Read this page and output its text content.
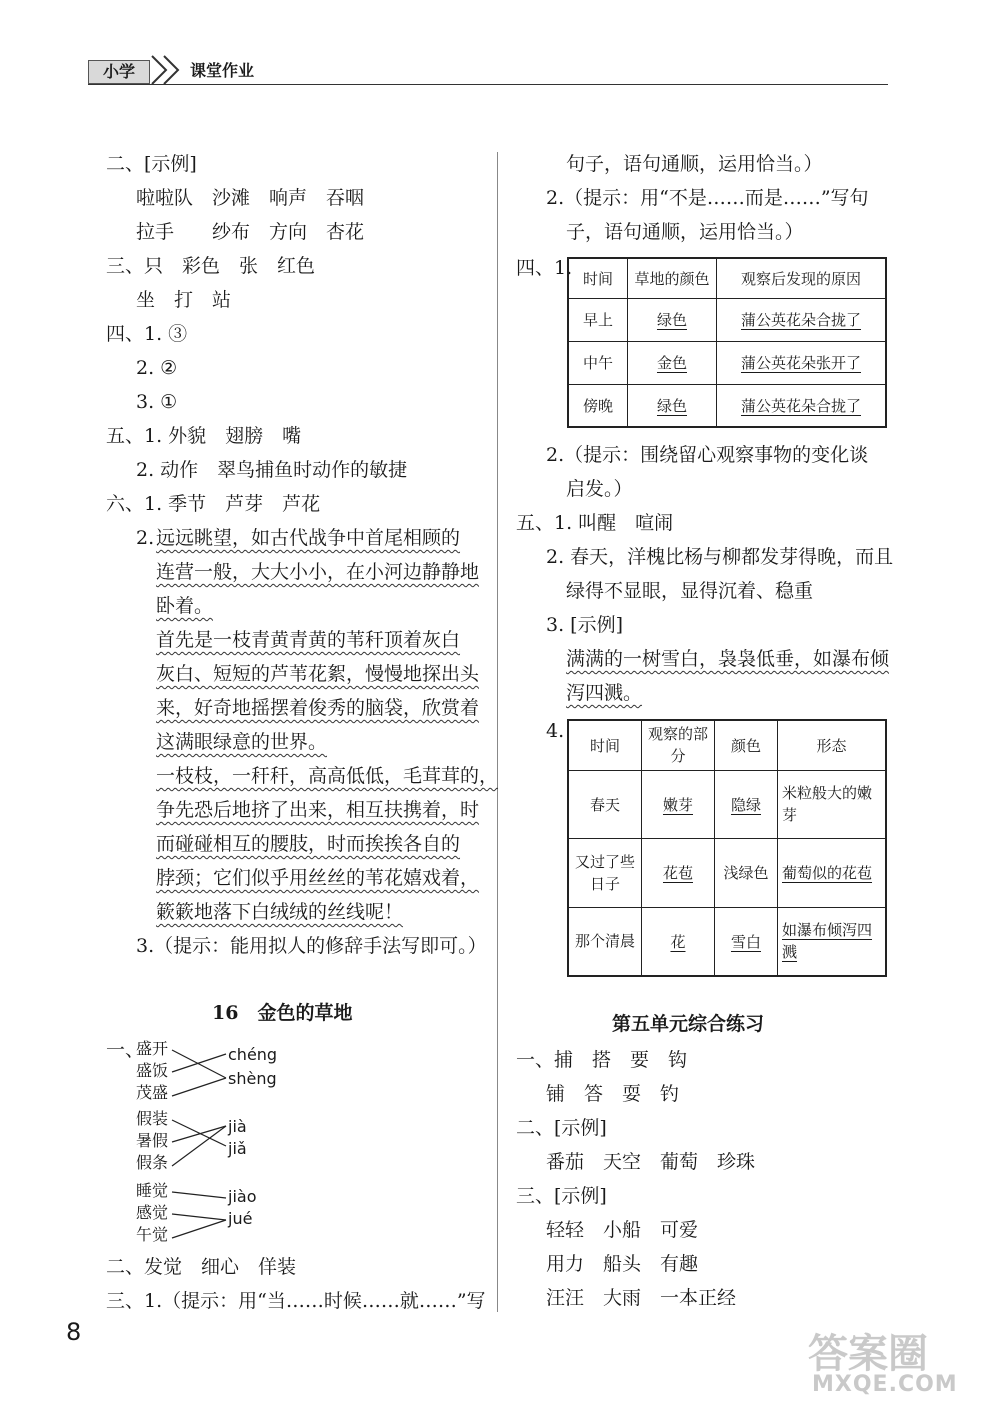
小学	课堂作业
二、[示例]
啦啦队　沙滩　响声　吞咽
拉手　　纱布　方向　杏花
三、只　彩色　张　红色
坐　打　站
四、1. ③
2. ②
3. ①
五、1. 外貌　翅膀　嘴
2. 动作　翠鸟捕鱼时动作的敏捷
六、1. 季节　芦芽　芦花
2. 远远眺望，如古代战争中首尾相顾的
连营一般，大大小小，在小河边静静地
卧着。
首先是一枝青黄青黄的苇秆顶着灰白
灰白、短短的芦苇花絮，慢慢地探出头
来，好奇地摇摆着俊秀的脑袋，欣赏着
这满眼绿意的世界。
一枝枝，一秆秆，高高低低，毛茸茸的，
争先恐后地挤了出来，相互扶携着，时
而碰碰相互的腰肢，时而挨挨各自的
脖颈；它们似乎用丝丝的苇花嬉戏着，
簌簌地落下白绒绒的丝线呢！
3.（提示：能用拟人的修辞手法写即可。）
16　金色的草地
一、
盛开
盛饭
茂盛
chéng
shèng
假装
暑假
假条
jià
jiǎ
睡觉
感觉
午觉
jiào
jué
二、发觉　细心　佯装
三、1.（提示：用“当……时候……就……”写
句子，语句通顺，运用恰当。）
2.（提示：用“不是……而是……”写句
子，语句通顺，运用恰当。）
四、1. 时间	草地的颜色	观察后发现的原因
早上	绿色	蒲公英花朵合拢了
中午	金色	蒲公英花朵张开了
傍晚	绿色	蒲公英花朵合拢了
2.（提示：围绕留心观察事物的变化谈
启发。）
五、1. 叫醒　喧闹
2. 春天，洋槐比杨与柳都发芽得晚，而且
绿得不显眼，显得沉着、稳重
3. [示例]
满满的一树雪白，袅袅低垂，如瀑布倾
泻四溅。
4.
时间	观察的部分	颜色	形态
春天	嫩芽	隐绿	米粒般大的嫩芽
又过了些日子	花苞	浅绿色	葡萄似的花苞
那个清晨	花	雪白	如瀑布倾泻四溅
第五单元综合练习
一、捕　搭　要　钩
铺　答　耍　钓
二、[示例]
番茄　天空　葡萄　珍珠
三、[示例]
轻轻　小船　可爱
用力　船头　有趣
汪汪　大雨　一本正经
8	答案圈
MXQE.COM
